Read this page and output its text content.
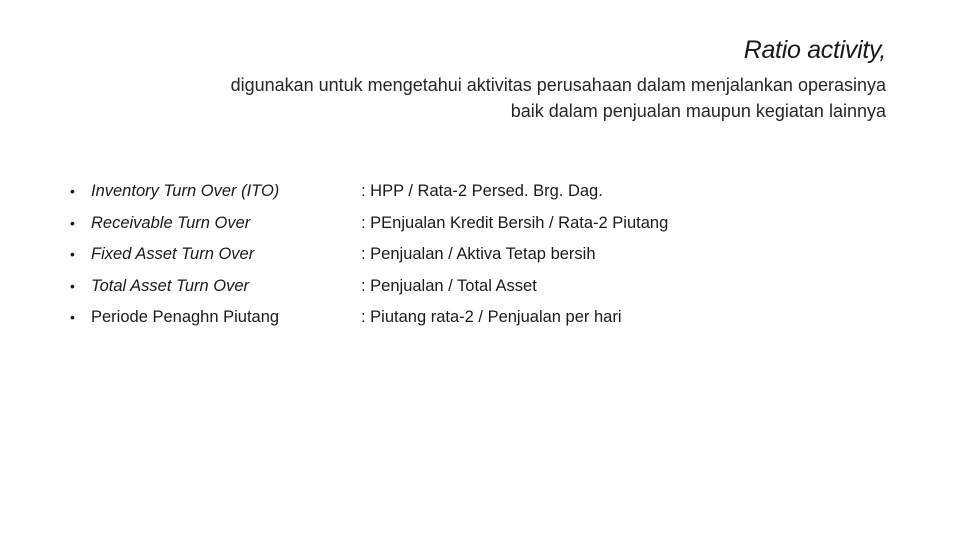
Ratio activity,
digunakan untuk mengetahui aktivitas perusahaan dalam menjalankan operasinya
baik dalam penjualan maupun kegiatan lainnya
• Inventory Turn Over (ITO)	: HPP / Rata-2 Persed. Brg. Dag.
• Receivable Turn Over	: PEnjualan Kredit Bersih / Rata-2 Piutang
• Fixed Asset Turn Over	: Penjualan / Aktiva Tetap bersih
• Total Asset Turn Over	: Penjualan / Total Asset
• Periode Penaghn Piutang	: Piutang rata-2 / Penjualan per hari
